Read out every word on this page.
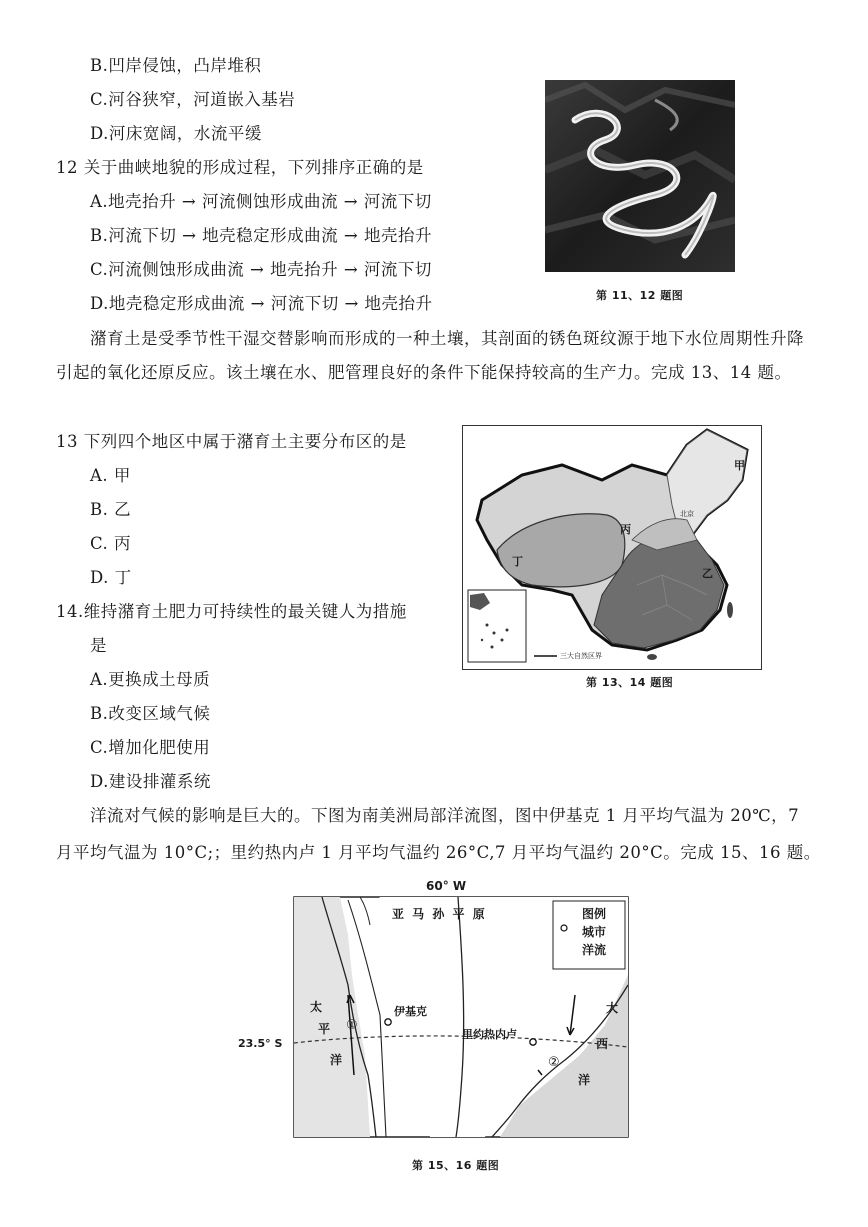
B.凹岸侵蚀，凸岸堆积
C.河谷狭窄，河道嵌入基岩
D.河床宽阔，水流平缓
12 关于曲峡地貌的形成过程，下列排序正确的是
A.地壳抬升 → 河流侧蚀形成曲流 → 河流下切
B.河流下切 → 地壳稳定形成曲流 → 地壳抬升
C.河流侧蚀形成曲流 → 地壳抬升 → 河流下切
D.地壳稳定形成曲流 → 河流下切 → 地壳抬升	第 11、12 题图
潴育土是受季节性干湿交替影响而形成的一种土壤，其剖面的锈色斑纹源于地下水位周期性升降引起的氧化还原反应。该土壤在水、肥管理良好的条件下能保持较高的生产力。完成 13、14 题。
13 下列四个地区中属于潴育土主要分布区的是
A. 甲
B. 乙
C. 丙
D. 丁
14.维持潴育土肥力可持续性的最关键人为措施
是
A.更换成土母质
B.改变区域气候
C.增加化肥使用
D.建设排灌系统
甲
乙
丙
丁
北京
三大自然区界
第 13、14 题图
洋流对气候的影响是巨大的。下图为南美洲局部洋流图，图中伊基克 1 月平均气温为 20℃，7
月平均气温为 10°C;；里约热内卢 1 月平均气温约 26°C,7 月平均气温约 20°C。完成 15、16 题。
60° W
23.5° S
亚 马 孙 平 原	图例
城市
洋流
伊基克
里约热内卢
太
平
洋
大
西
洋
①
②
第 15、16 题图
